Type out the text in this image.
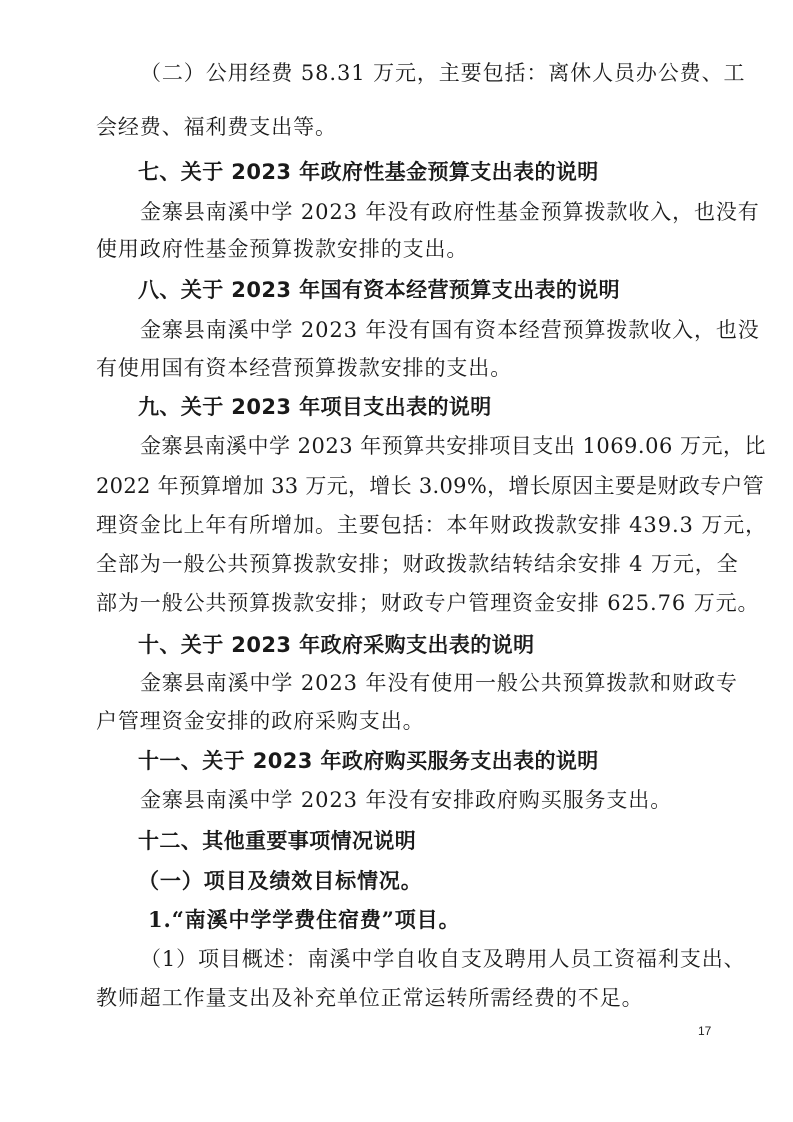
（二）公用经费 58.31 万元，主要包括：离休人员办公费、工
会经费、福利费支出等。
七、关于 2023 年政府性基金预算支出表的说明
金寨县南溪中学 2023 年没有政府性基金预算拨款收入，也没有
使用政府性基金预算拨款安排的支出。
八、关于 2023 年国有资本经营预算支出表的说明
金寨县南溪中学 2023 年没有国有资本经营预算拨款收入，也没
有使用国有资本经营预算拨款安排的支出。
九、关于 2023 年项目支出表的说明
金寨县南溪中学 2023 年预算共安排项目支出 1069.06 万元，比
2022 年预算增加 33 万元，增长 3.09%，增长原因主要是财政专户管
理资金比上年有所增加。主要包括：本年财政拨款安排 439.3 万元，
全部为一般公共预算拨款安排；财政拨款结转结余安排 4 万元，全
部为一般公共预算拨款安排；财政专户管理资金安排 625.76 万元。
十、关于 2023 年政府采购支出表的说明
金寨县南溪中学 2023 年没有使用一般公共预算拨款和财政专
户管理资金安排的政府采购支出。
十一、关于 2023 年政府购买服务支出表的说明
金寨县南溪中学 2023 年没有安排政府购买服务支出。
十二、其他重要事项情况说明
（一）项目及绩效目标情况。
1.“南溪中学学费住宿费”项目。
（1）项目概述：南溪中学自收自支及聘用人员工资福利支出、
教师超工作量支出及补充单位正常运转所需经费的不足。
17
